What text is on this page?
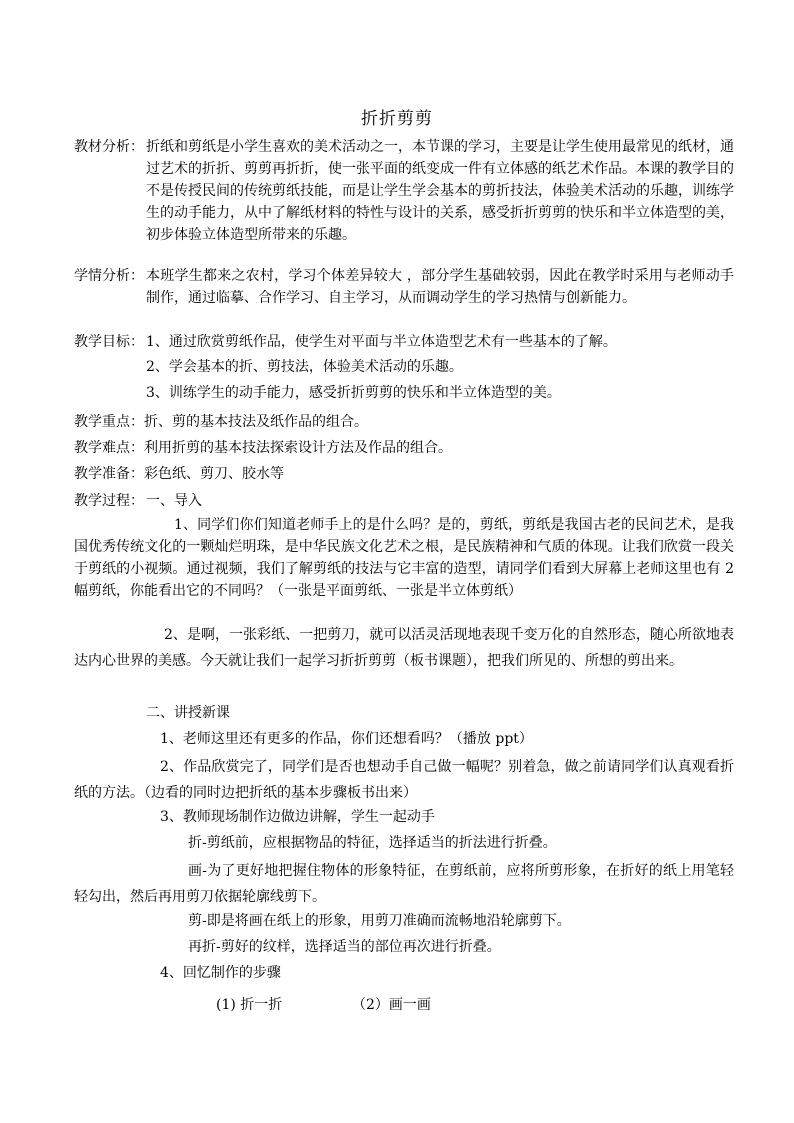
折折剪剪
教材分析： 折纸和剪纸是小学生喜欢的美术活动之一，本节课的学习，主要是让学生使用最常见的纸材，通过艺术的折折、剪剪再折折，使一张平面的纸变成一件有立体感的纸艺术作品。本课的教学目的不是传授民间的传统剪纸技能，而是让学生学会基本的剪折技法，体验美术活动的乐趣，训练学生的动手能力，从中了解纸材料的特性与设计的关系，感受折折剪剪的快乐和半立体造型的美，初步体验立体造型所带来的乐趣。
学情分析： 本班学生都来之农村，学习个体差异较大 ，部分学生基础较弱，因此在教学时采用与老师动手制作，通过临摹、合作学习、自主学习，从而调动学生的学习热情与创新能力。
教学目标： 1、通过欣赏剪纸作品，使学生对平面与半立体造型艺术有一些基本的了解。
2、学会基本的折、剪技法，体验美术活动的乐趣。
3、训练学生的动手能力，感受折折剪剪的快乐和半立体造型的美。
教学重点：折、剪的基本技法及纸作品的组合。
教学难点：利用折剪的基本技法探索设计方法及作品的组合。
教学准备：彩色纸、剪刀、胶水等
教学过程： 一、导入
1、同学们你们知道老师手上的是什么吗？是的，剪纸，剪纸是我国古老的民间艺术，是我国优秀传统文化的一颗灿烂明珠，是中华民族文化艺术之根，是民族精神和气质的体现。让我们欣赏一段关于剪纸的小视频。通过视频，我们了解剪纸的技法与它丰富的造型，请同学们看到大屏幕上老师这里也有 2 幅剪纸，你能看出它的不同吗？（一张是平面剪纸、一张是半立体剪纸）
2、是啊，一张彩纸、一把剪刀，就可以活灵活现地表现千变万化的自然形态，随心所欲地表达内心世界的美感。今天就让我们一起学习折折剪剪（板书课题），把我们所见的、所想的剪出来。
二、讲授新课
1、老师这里还有更多的作品，你们还想看吗？（播放 ppt）
2、作品欣赏完了，同学们是否也想动手自己做一幅呢？别着急，做之前请同学们认真观看折纸的方法。（边看的同时边把折纸的基本步骤板书出来）
3、教师现场制作边做边讲解，学生一起动手
折-剪纸前，应根据物品的特征，选择适当的折法进行折叠。
画-为了更好地把握住物体的形象特征，在剪纸前，应将所剪形象，在折好的纸上用笔轻轻勾出，然后再用剪刀依据轮廓线剪下。
剪-即是将画在纸上的形象，用剪刀准确而流畅地沿轮廓剪下。
再折-剪好的纹样，选择适当的部位再次进行折叠。
4、回忆制作的步骤
(1) 折一折	（2）画一画
